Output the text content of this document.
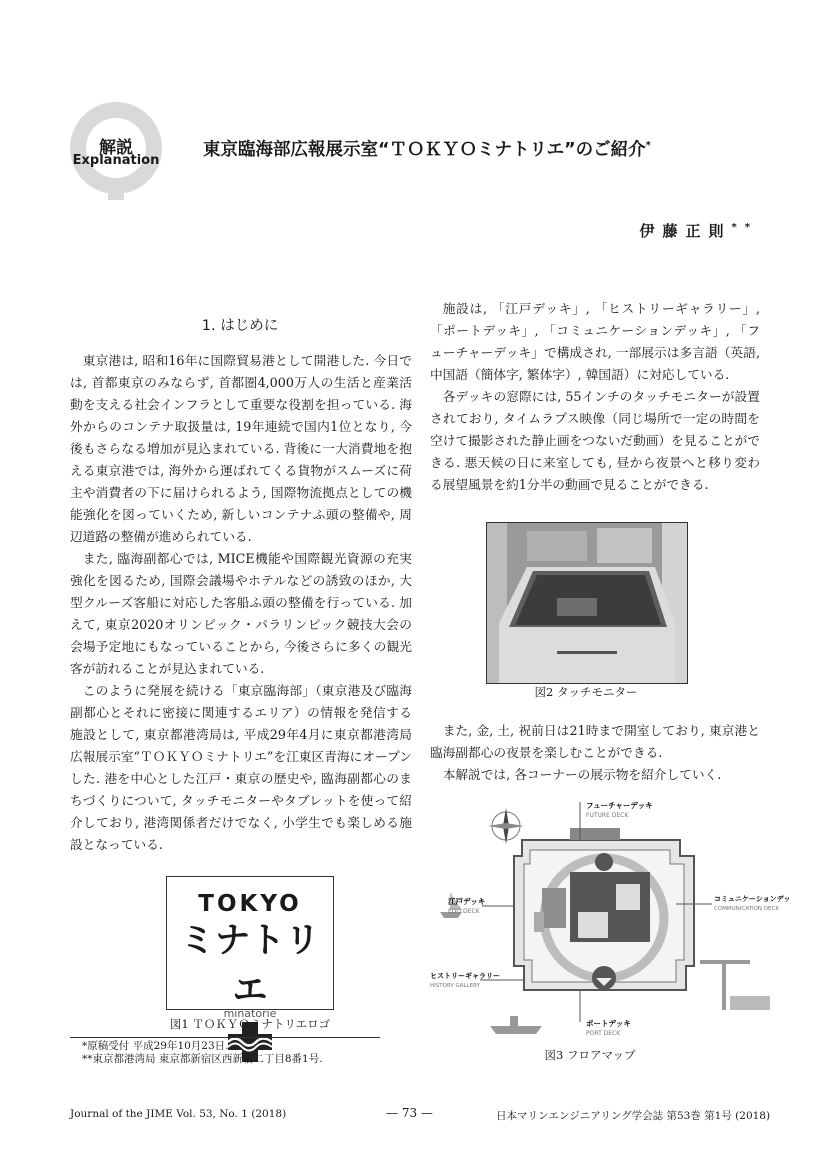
解説
Explanation
東京臨海部広報展示室“ＴＯＫＹＯミナトリエ”のご紹介*
伊藤正則**
1. はじめに

東京港は, 昭和16年に国際貿易港として開港した. 今日では, 首都東京のみならず, 首都圏4,000万人の生活と産業活動を支える社会インフラとして重要な役割を担っている. 海外からのコンテナ取扱量は, 19年連続で国内1位となり, 今後もさらなる増加が見込まれている. 背後に一大消費地を抱える東京港では, 海外から運ばれてくる貨物がスムーズに荷主や消費者の下に届けられるよう, 国際物流拠点としての機能強化を図っていくため, 新しいコンテナふ頭の整備や, 周辺道路の整備が進められている.

また, 臨海副都心では, MICE機能や国際観光資源の充実強化を図るため, 国際会議場やホテルなどの誘致のほか, 大型クルーズ客船に対応した客船ふ頭の整備を行っている. 加えて, 東京2020オリンピック・パラリンピック競技大会の会場予定地にもなっていることから, 今後さらに多くの観光客が訪れることが見込まれている.

このように発展を続ける「東京臨海部」（東京港及び臨海副都心とそれに密接に関連するエリア）の情報を発信する施設として, 東京都港湾局は, 平成29年4月に東京都港湾局広報展示室“ＴＯＫＹＯミナトリエ”を江東区青海にオープンした. 港を中心とした江戸・東京の歴史や, 臨海副都心のまちづくりについて, タッチモニターやタブレットを使って紹介しており, 港湾関係者だけでなく, 小学生でも楽しめる施設となっている.

TOKYO
ミナトリエ
minatorie
図1 ＴＯＫＹＯミナトリエロゴ
*原稿受付 平成29年10月23日.
**東京都港湾局 東京都新宿区西新宿二丁目8番1号.

施設は, 「江戸デッキ」, 「ヒストリーギャラリー」, 「ポートデッキ」, 「コミュニケーションデッキ」, 「フューチャーデッキ」で構成され, 一部展示は多言語（英語, 中国語（簡体字, 繁体字）, 韓国語）に対応している.

各デッキの窓際には, 55インチのタッチモニターが設置されており, タイムラプス映像（同じ場所で一定の時間を空けて撮影された静止画をつないだ動画）を見ることができる. 悪天候の日に来室しても, 昼から夜景へと移り変わる展望風景を約1分半の動画で見ることができる.

図2 タッチモニター

また, 金, 土, 祝前日は21時まで開室しており, 東京港と臨海副都心の夜景を楽しむことができる.

本解説では, 各コーナーの展示物を紹介していく.

フューチャーデッキ
FUTURE DECK
コミュニケーションデッキ
COMMUNICATION DECK
江戸デッキ
EDO DECK
ヒストリーギャラリー
HISTORY GALLERY
ポートデッキ
PORT DECK
図3 フロアマップ
Journal of the JIME Vol. 53, No. 1 (2018)	— 73 —	日本マリンエンジニアリング学会誌 第53巻 第1号 (2018)
